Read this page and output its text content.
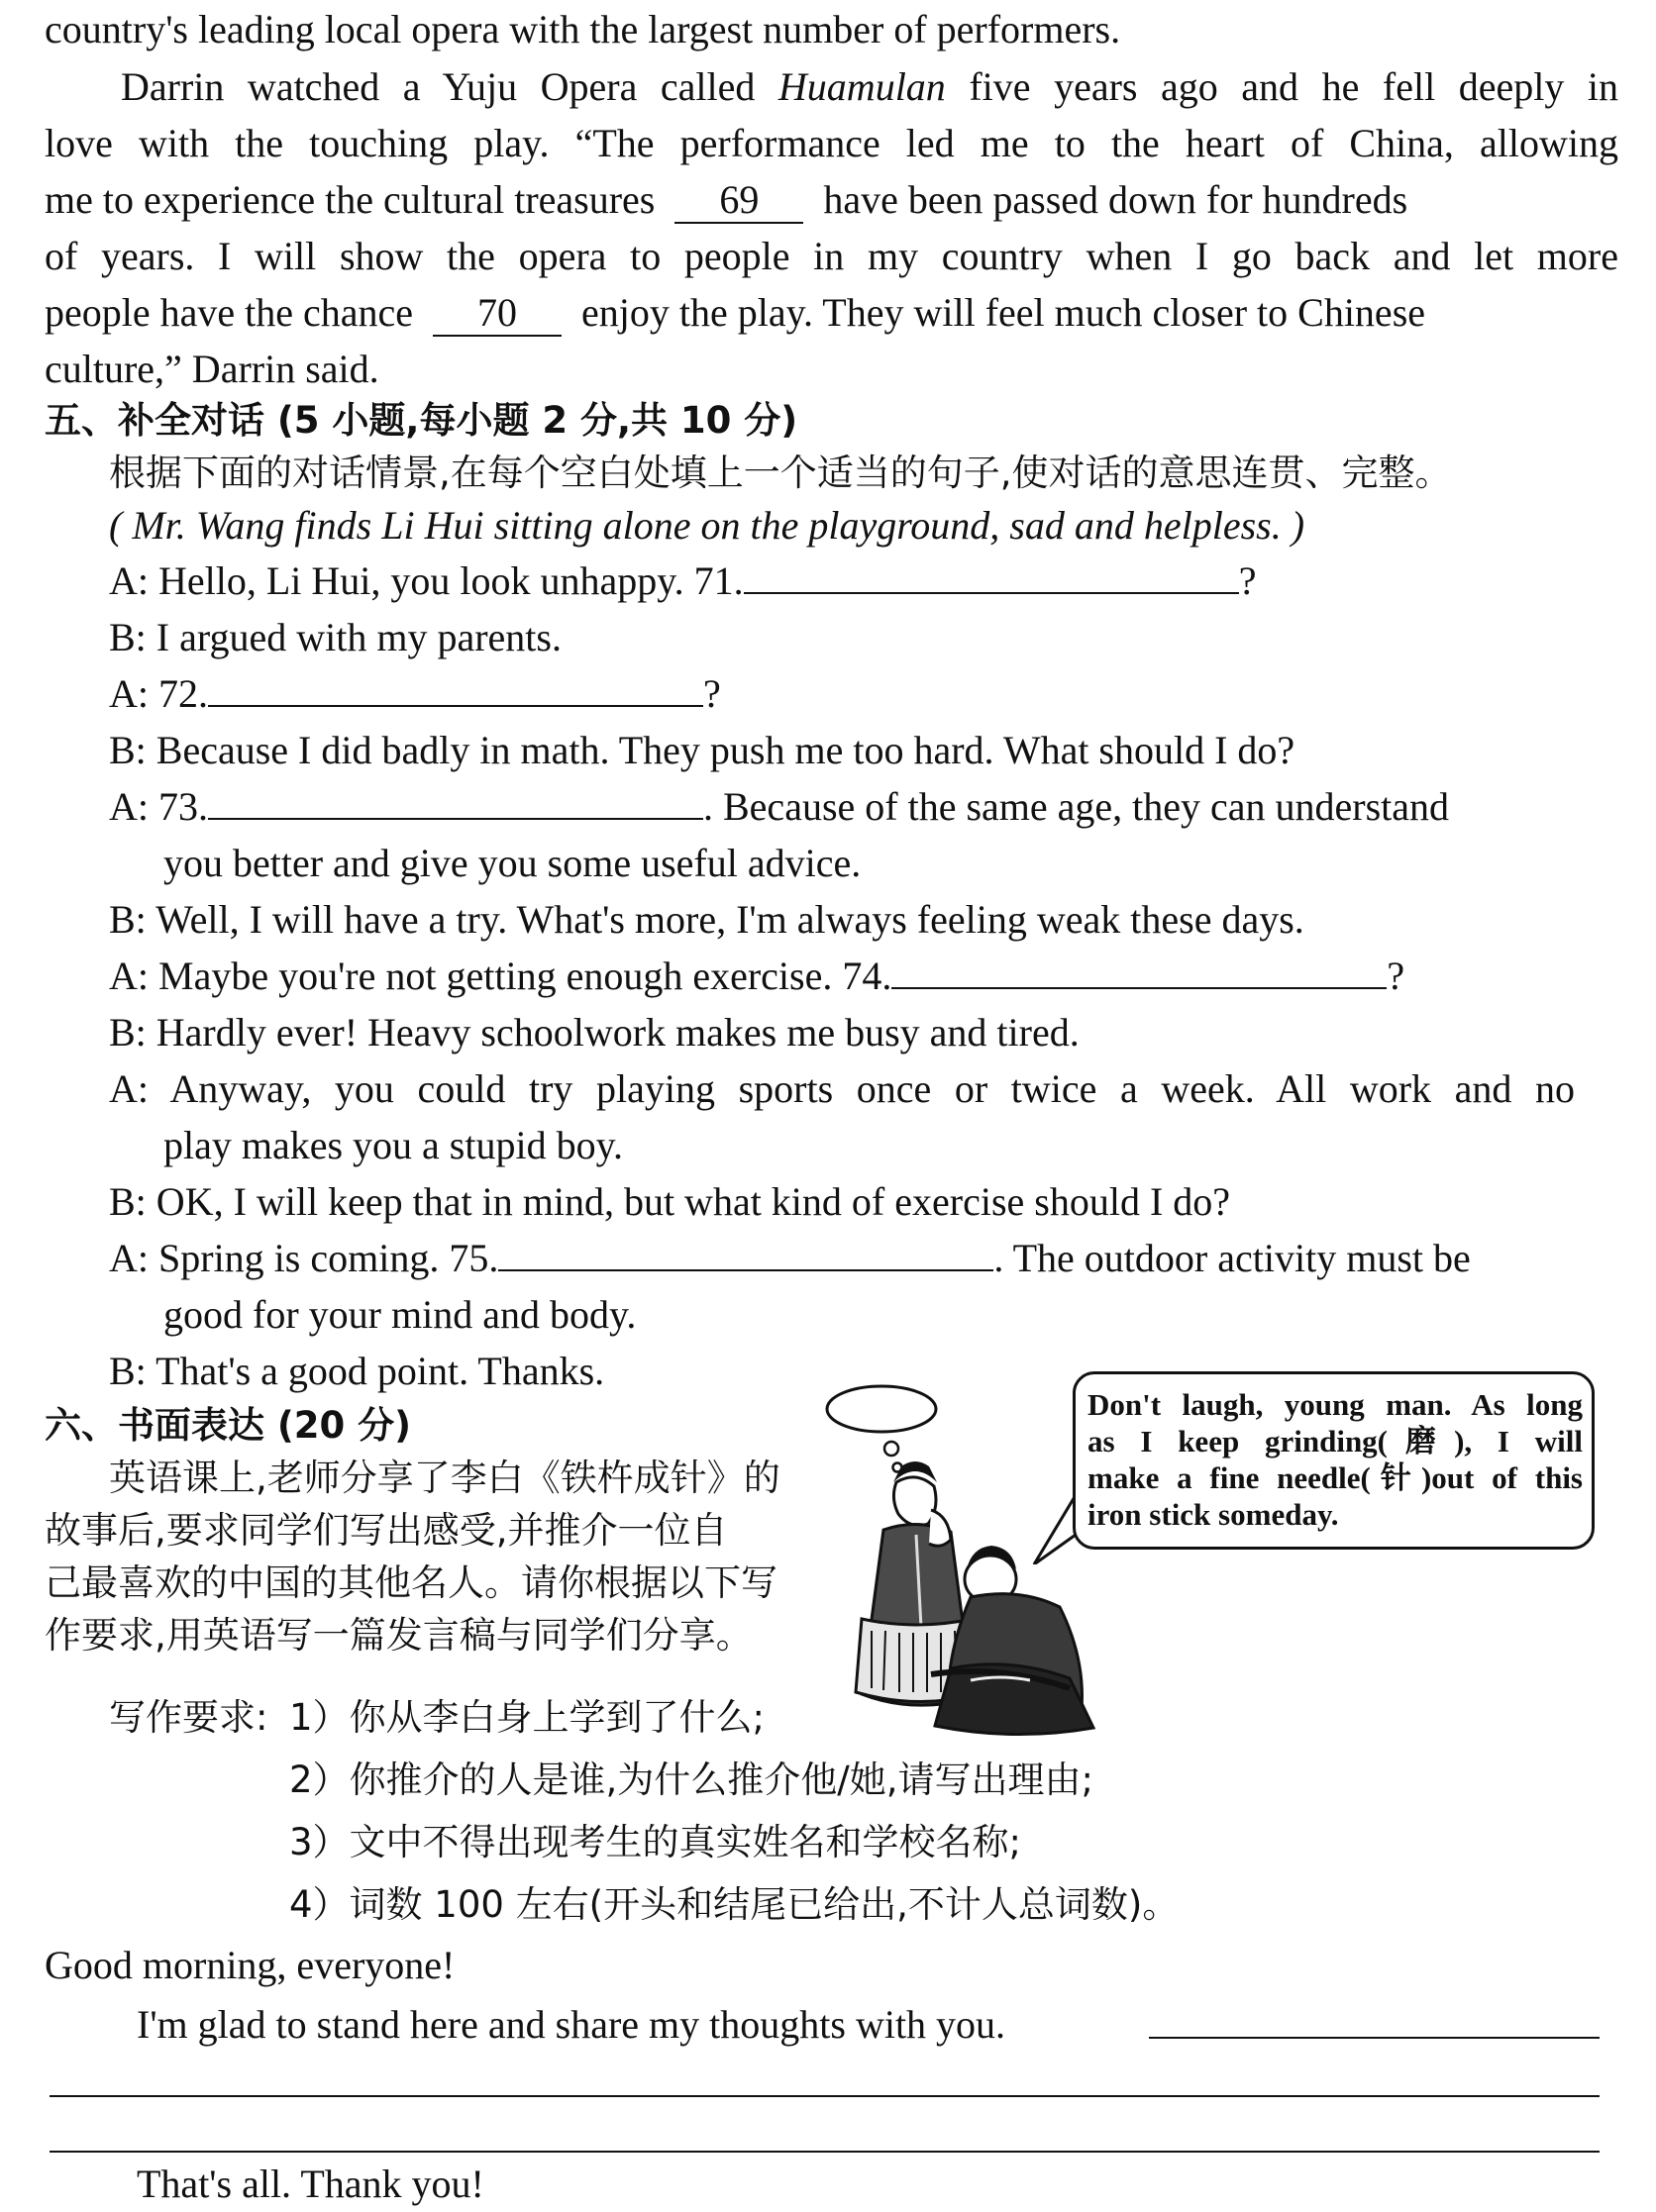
country's leading local opera with the largest number of performers.
Darrin watched a Yuju Opera called Huamulan five years ago and he fell deeply in
love with the touching play. “The performance led me to the heart of China, allowing
me to experience the cultural treasures 69 have been passed down for hundreds
of years. I will show the opera to people in my country when I go back and let more
people have the chance 70 enjoy the play. They will feel much closer to Chinese
culture,” Darrin said.
五、补全对话 (5 小题,每小题 2 分,共 10 分)
根据下面的对话情景,在每个空白处填上一个适当的句子,使对话的意思连贯、完整。
( Mr. Wang finds Li Hui sitting alone on the playground, sad and helpless. )
A: Hello, Li Hui, you look unhappy. 71.	?
B: I argued with my parents.
A: 72.	?
B: Because I did badly in math. They push me too hard. What should I do?
A: 73.	. Because of the same age, they can understand
you better and give you some useful advice.
B: Well, I will have a try. What's more, I'm always feeling weak these days.
A: Maybe you're not getting enough exercise. 74.	?
B: Hardly ever! Heavy schoolwork makes me busy and tired.
A: Anyway, you could try playing sports once or twice a week. All work and no
play makes you a stupid boy.
B: OK, I will keep that in mind, but what kind of exercise should I do?
A: Spring is coming. 75.	. The outdoor activity must be
good for your mind and body.
B: That's a good point. Thanks.
六、书面表达 (20 分)
英语课上,老师分享了李白《铁杵成针》的
故事后,要求同学们写出感受,并推介一位自
己最喜欢的中国的其他名人。请你根据以下写
作要求,用英语写一篇发言稿与同学们分享。
Don't laugh, young man. As long
as I keep grinding(磨), I will
make a fine needle(针)out of this
iron stick someday.
写作要求: 1）你从李白身上学到了什么;
2）你推介的人是谁,为什么推介他/她,请写出理由;
3）文中不得出现考生的真实姓名和学校名称;
4）词数 100 左右(开头和结尾已给出,不计人总词数)。
Good morning, everyone!
I'm glad to stand here and share my thoughts with you.
That's all. Thank you!
